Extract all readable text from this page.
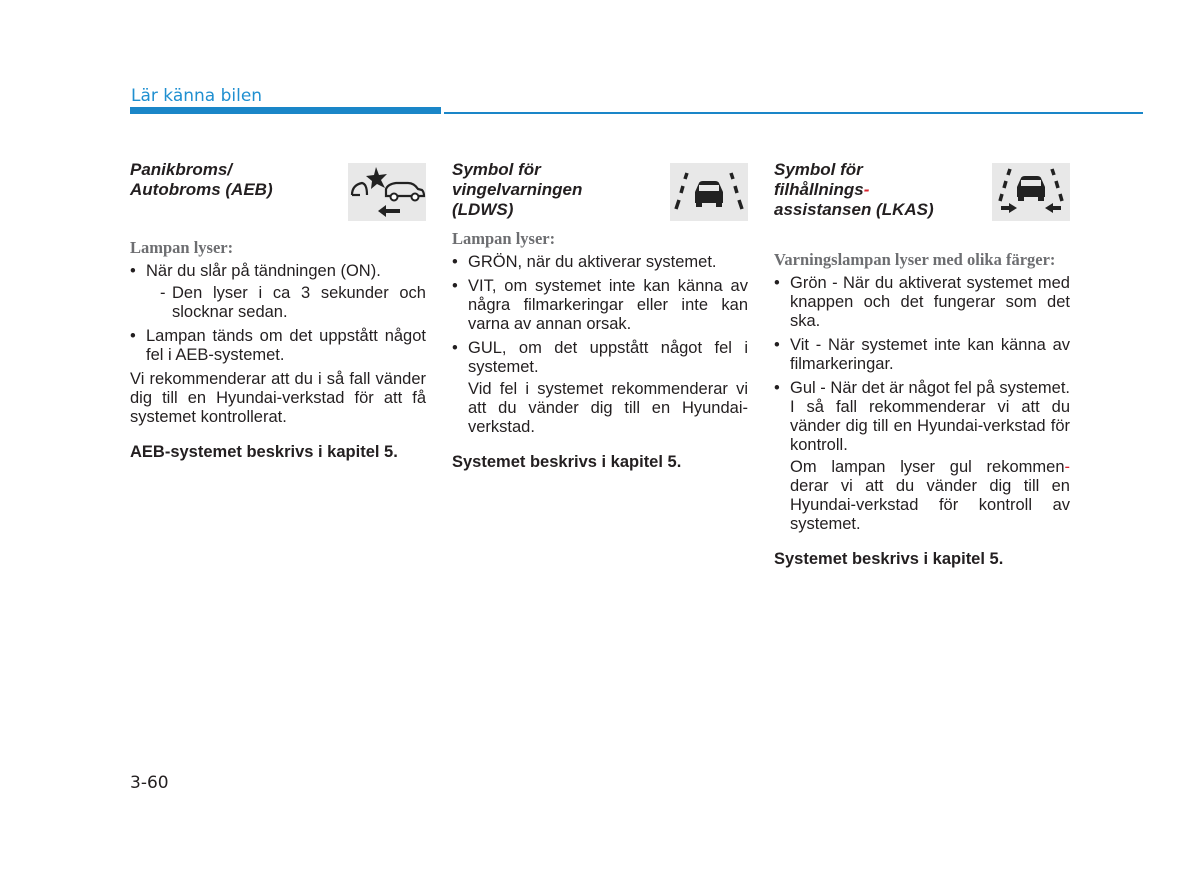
Lär känna bilen
Panikbroms/
Autobroms (AEB)

Lampan lyser:

• När du slår på tändningen (ON).
- Den lyser i ca 3 sekunder och slocknar sedan.
• Lampan tänds om det uppstått något fel i AEB-systemet.

Vi rekommenderar att du i så fall vänder dig till en Hyundai-verkstad för att få systemet kontrollerat.

AEB-systemet beskrivs i kapitel 5.

Symbol för
vingelvarningen
(LDWS)

Lampan lyser:

• GRÖN, när du aktiverar systemet.
• VIT, om systemet inte kan känna av några filmarkeringar eller inte kan varna av annan orsak.
• GUL, om det uppstått något fel i systemet.
Vid fel i systemet rekommenderar vi att du vänder dig till en Hyundai-verkstad.

Systemet beskrivs i kapitel 5.

Symbol för
filhållnings-
assistansen (LKAS)

Varningslampan lyser med olika färger:

• Grön - När du aktiverat systemet med knappen och det fungerar som det ska.
• Vit - När systemet inte kan känna av filmarkeringar.
• Gul - När det är något fel på systemet. I så fall rekommenderar vi att du vänder dig till en Hyundai-verkstad för kontroll.
Om lampan lyser gul rekommen- derar vi att du vänder dig till en Hyundai-verkstad för kontroll av systemet.

Systemet beskrivs i kapitel 5.

3-60
